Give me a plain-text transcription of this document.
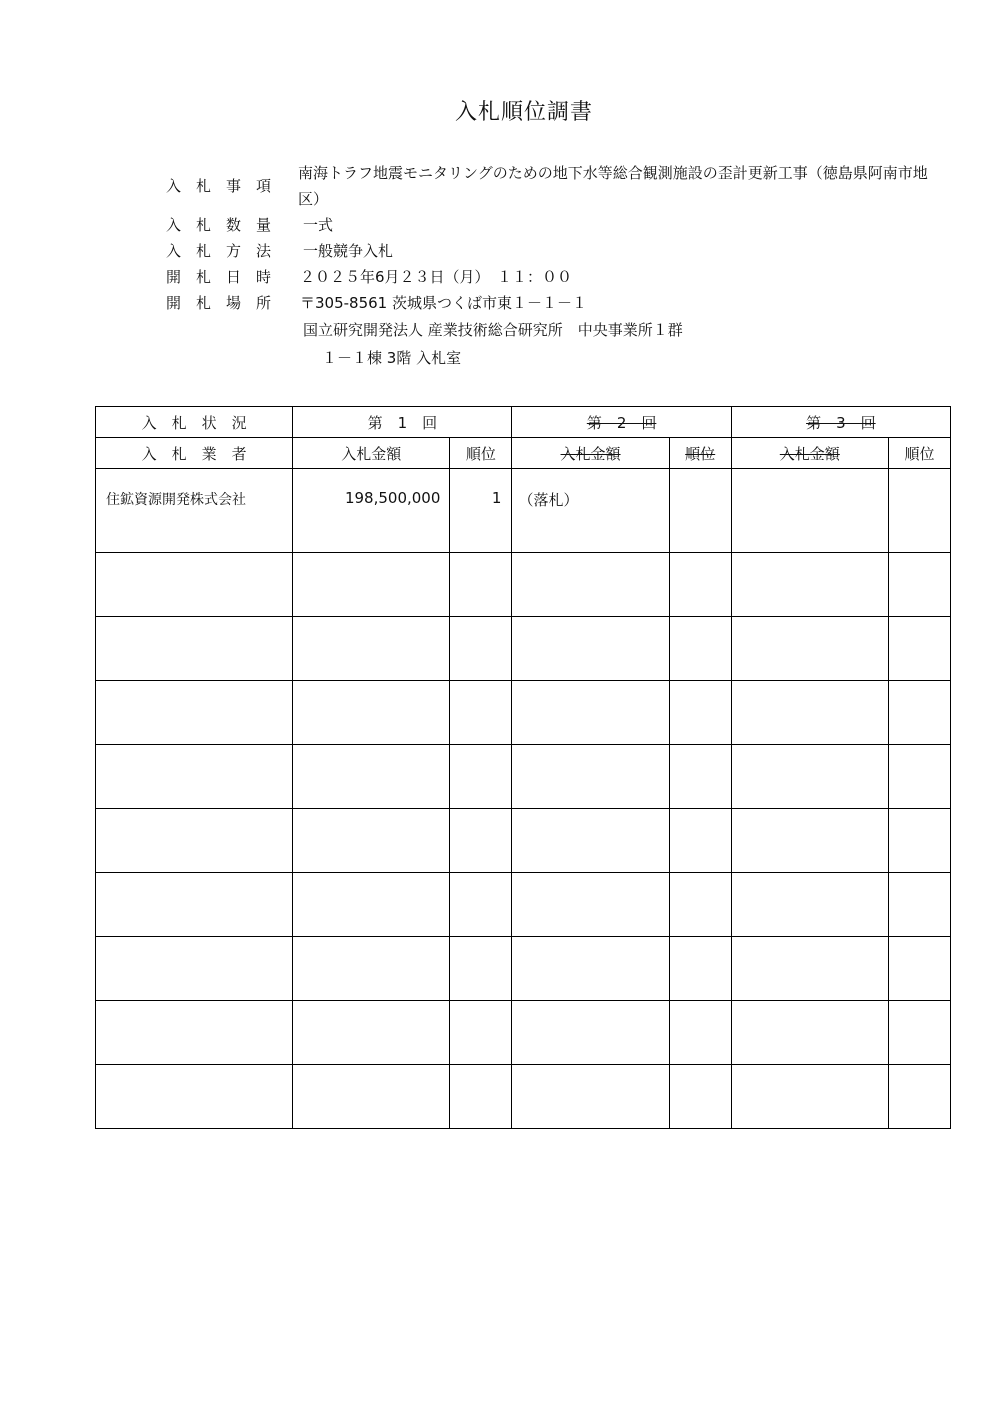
入札順位調書
入　札　事　項
南海トラフ地震モニタリングのための地下水等総合観測施設の歪計更新工事（徳島県阿南市地区）
入　札　数　量	一式
入　札　方　法	一般競争入札
開　札　日　時	２０２５年6月２３日（月）　１１：００
開　札　場　所	〒305-8561 茨城県つくば市東１－１－１
国立研究開発法人 産業技術総合研究所　中央事業所１群
１－１棟 3階 入札室
入　札　状　況	第　1　回		第　2　回		第　3　回	
入　札　業　者	入札金額	順位	入札金額	順位	入札金額	順位
住鉱資源開発株式会社	198,500,000	1	（落札）			
